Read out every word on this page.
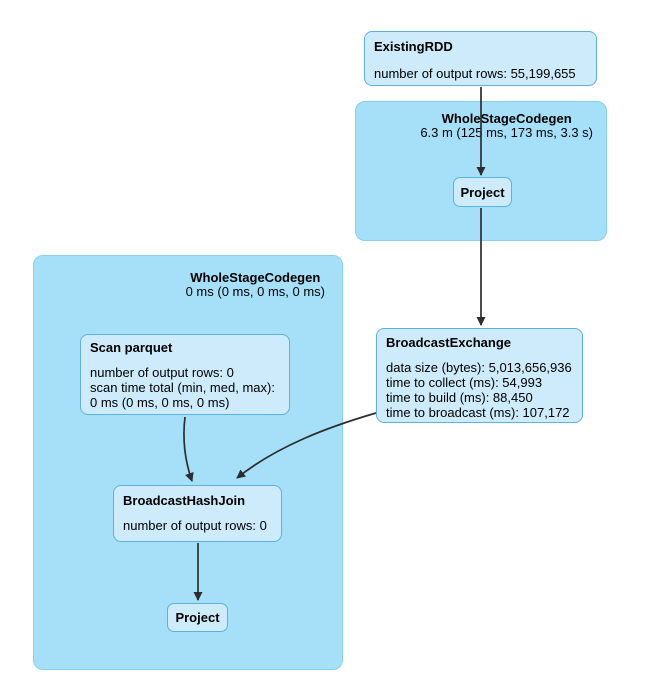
WholeStageCodegen
6.3 m (125 ms, 173 ms, 3.3 s)
WholeStageCodegen
0 ms (0 ms, 0 ms, 0 ms)
ExistingRDD
number of output rows: 55,199,655
Project
BroadcastExchange
data size (bytes): 5,013,656,936
time to collect (ms): 54,993
time to build (ms): 88,450
time to broadcast (ms): 107,172
Scan parquet
number of output rows: 0
scan time total (min, med, max):
0 ms (0 ms, 0 ms, 0 ms)
BroadcastHashJoin
number of output rows: 0
Project
